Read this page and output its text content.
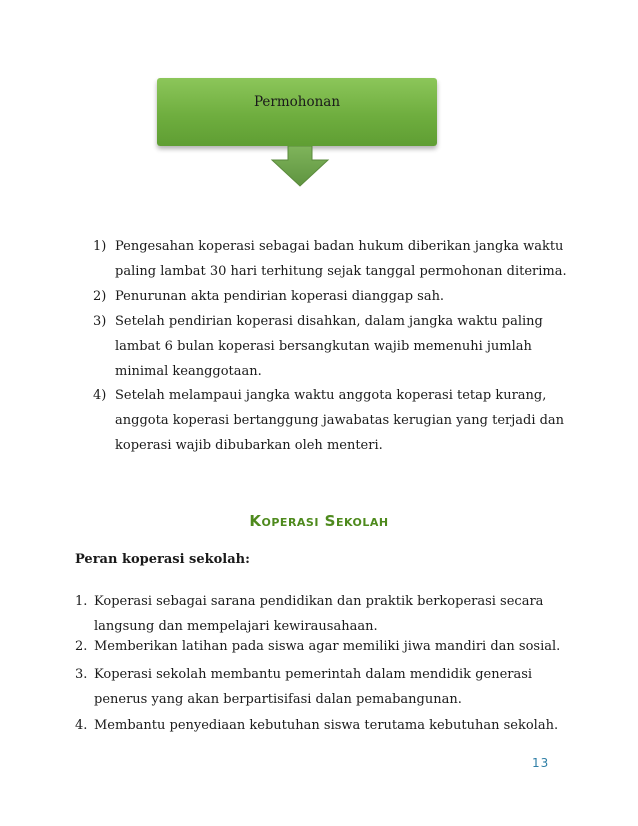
Permohonan
1) Pengesahan koperasi sebagai badan hukum diberikan jangka waktu
paling lambat 30 hari terhitung sejak tanggal permohonan diterima.
2) Penurunan akta pendirian koperasi dianggap sah.
3) Setelah pendirian koperasi disahkan, dalam jangka waktu paling
lambat 6 bulan koperasi bersangkutan wajib memenuhi jumlah
minimal keanggotaan.
4) Setelah melampaui jangka waktu anggota koperasi tetap kurang,
anggota koperasi bertanggung jawabatas kerugian yang terjadi dan
koperasi wajib dibubarkan oleh menteri.
Koperasi Sekolah
Peran koperasi sekolah:
1. Koperasi sebagai sarana pendidikan dan praktik berkoperasi secara
langsung dan mempelajari kewirausahaan.
2. Memberikan latihan pada siswa agar memiliki jiwa mandiri dan sosial.
3. Koperasi sekolah membantu pemerintah dalam mendidik generasi
penerus yang akan berpartisifasi dalan pemabangunan.
4. Membantu penyediaan kebutuhan siswa terutama kebutuhan sekolah.
13
